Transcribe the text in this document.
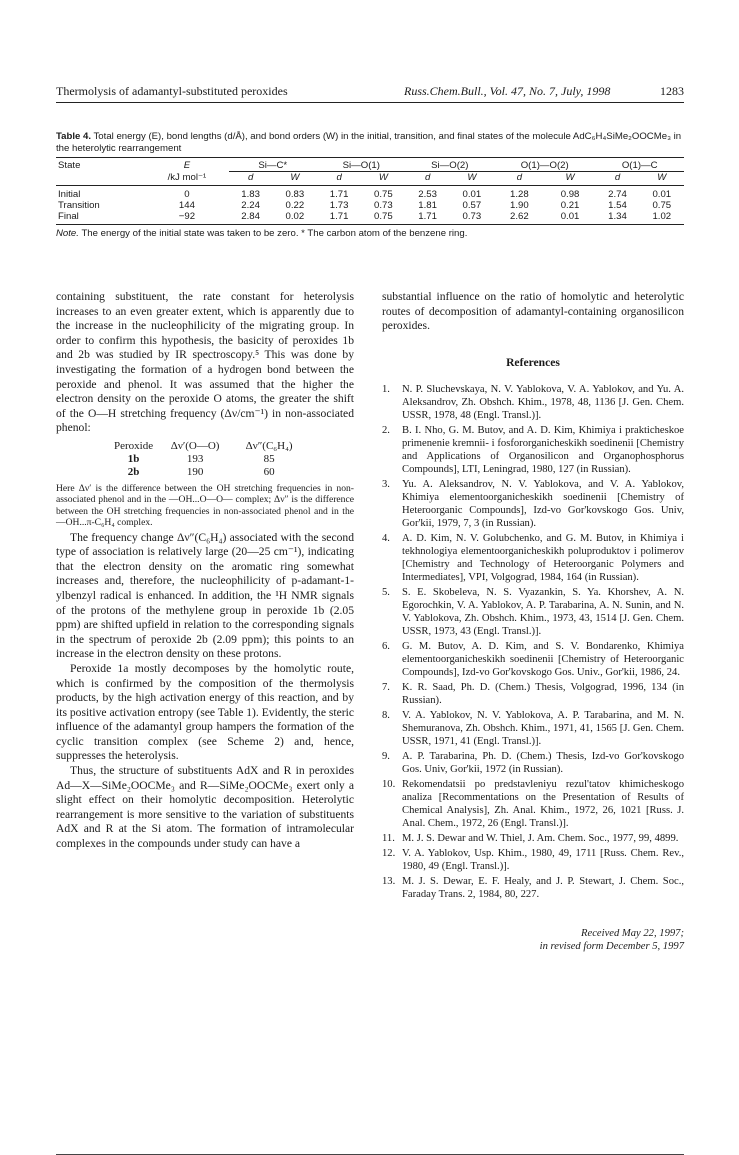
Thermolysis of adamantyl-substituted peroxides	Russ.Chem.Bull., Vol. 47, No. 7, July, 1998	1283
Table 4. Total energy (E), bond lengths (d/Å), and bond orders (W) in the initial, transition, and final states of the molecule AdC₆H₄SiMe₂OOCMe₃ in the heterolytic rearrangement
State	E	Si—C*		Si—O(1)		Si—O(2)		O(1)—O(2)		O(1)—C	
	/kJ mol⁻¹	d	W	d	W	d	W	d	W	d	W
Initial	0	1.83	0.83	1.71	0.75	2.53	0.01	1.28	0.98	2.74	0.01
Transition	144	2.24	0.22	1.73	0.73	1.81	0.57	1.90	0.21	1.54	0.75
Final	−92	2.84	0.02	1.71	0.75	1.71	0.73	2.62	0.01	1.34	1.02
Note. The energy of the initial state was taken to be zero. * The carbon atom of the benzene ring.

containing substituent, the rate constant for heterolysis increases to an even greater extent, which is apparently due to the increase in the nucleophilicity of the migrating group. In order to confirm this hypothesis, the basicity of peroxides 1b and 2b was studied by IR spectroscopy.⁵ This was done by investigating the formation of a hydrogen bond between the peroxide and phenol. It was assumed that the higher the electron density on the peroxide O atoms, the greater the shift of the O—H stretching frequency (Δν/cm⁻¹) in non-associated phenol:

Peroxide	Δν′(O—O)	Δν″(C₆H₄)
1b	193	85
2b	190	60
Here Δν′ is the difference between the OH stretching frequencies in non-associated phenol and in the —OH...O—O— complex; Δν″ is the difference between the OH stretching frequencies in non-associated phenol and in the —OH...π-C₆H₄ complex.

The frequency change Δν″(C₆H₄) associated with the second type of association is relatively large (20—25 cm⁻¹), indicating that the electron density on the aromatic ring somewhat increases and, therefore, the nucleophilicity of p-adamant-1-ylbenzyl radical is enhanced. In addition, the ¹H NMR signals of the protons of the methylene group in peroxide 1b (2.05 ppm) are shifted upfield in relation to the corresponding signals in the spectrum of peroxide 2b (2.09 ppm); this points to an increase in the electron density on these protons.

Peroxide 1a mostly decomposes by the homolytic route, which is confirmed by the composition of the thermolysis products, by the high activation energy of this reaction, and by its positive activation entropy (see Table 1). Evidently, the steric influence of the adamantyl group hampers the formation of the cyclic transition complex (see Scheme 2) and, hence, suppresses the heterolysis.

Thus, the structure of substituents AdX and R in peroxides Ad—X—SiMe₂OOCMe₃ and R—SiMe₂OOCMe₃ exert only a slight effect on their homolytic decomposition. Heterolytic rearrangement is more sensitive to the variation of substituents AdX and R at the Si atom. The formation of intramolecular complexes in the compounds under study can have a

substantial influence on the ratio of homolytic and heterolytic routes of decomposition of adamantyl-containing organosilicon peroxides.

References
1. N. P. Sluchevskaya, N. V. Yablokova, V. A. Yablokov, and Yu. A. Aleksandrov, Zh. Obshch. Khim., 1978, 48, 1136 [J. Gen. Chem. USSR, 1978, 48 (Engl. Transl.)].
2. B. I. Nho, G. M. Butov, and A. D. Kim, Khimiya i prakticheskoe primenenie kremnii- i fosfororganicheskikh soedinenii [Chemistry and Applications of Organosilicon and Organophosphorus Compounds], LTI, Leningrad, 1980, 127 (in Russian).
3. Yu. A. Aleksandrov, N. V. Yablokova, and V. A. Yablokov, Khimiya elementoorganicheskikh soedinenii [Chemistry of Heteroorganic Compounds], Izd-vo Gor'kovskogo Gos. Univ, Gor'kii, 1979, 7, 3 (in Russian).
4. A. D. Kim, N. V. Golubchenko, and G. M. Butov, in Khimiya i tekhnologiya elementoorganicheskikh poluproduktov i polimerov [Chemistry and Technology of Heteroorganic Polymers and Intermediates], VPI, Volgograd, 1984, 164 (in Russian).
5. S. E. Skobeleva, N. S. Vyazankin, S. Ya. Khorshev, A. N. Egorochkin, V. A. Yablokov, A. P. Tarabarina, A. N. Sunin, and N. V. Yablokova, Zh. Obshch. Khim., 1973, 43, 1514 [J. Gen. Chem. USSR, 1973, 43 (Engl. Transl.)].
6. G. M. Butov, A. D. Kim, and S. V. Bondarenko, Khimiya elementoorganicheskikh soedinenii [Chemistry of Heteroorganic Compounds], Izd-vo Gor'kovskogo Gos. Univ., Gor'kii, 1986, 24.
7. K. R. Saad, Ph. D. (Chem.) Thesis, Volgograd, 1996, 134 (in Russian).
8. V. A. Yablokov, N. V. Yablokova, A. P. Tarabarina, and M. N. Shemuranova, Zh. Obshch. Khim., 1971, 41, 1565 [J. Gen. Chem. USSR, 1971, 41 (Engl. Transl.)].
9. A. P. Tarabarina, Ph. D. (Chem.) Thesis, Izd-vo Gor'kovskogo Gos. Univ, Gor'kii, 1972 (in Russian).
10. Rekomendatsii po predstavleniyu rezul'tatov khimicheskogo analiza [Recommentations on the Presentation of Results of Chemical Analysis], Zh. Anal. Khim., 1972, 26, 1021 [Russ. J. Anal. Chem., 1972, 26 (Engl. Transl.)].
11. M. J. S. Dewar and W. Thiel, J. Am. Chem. Soc., 1977, 99, 4899.
12. V. A. Yablokov, Usp. Khim., 1980, 49, 1711 [Russ. Chem. Rev., 1980, 49 (Engl. Transl.)].
13. M. J. S. Dewar, E. F. Healy, and J. P. Stewart, J. Chem. Soc., Faraday Trans. 2, 1984, 80, 227.
Received May 22, 1997;
in revised form December 5, 1997
